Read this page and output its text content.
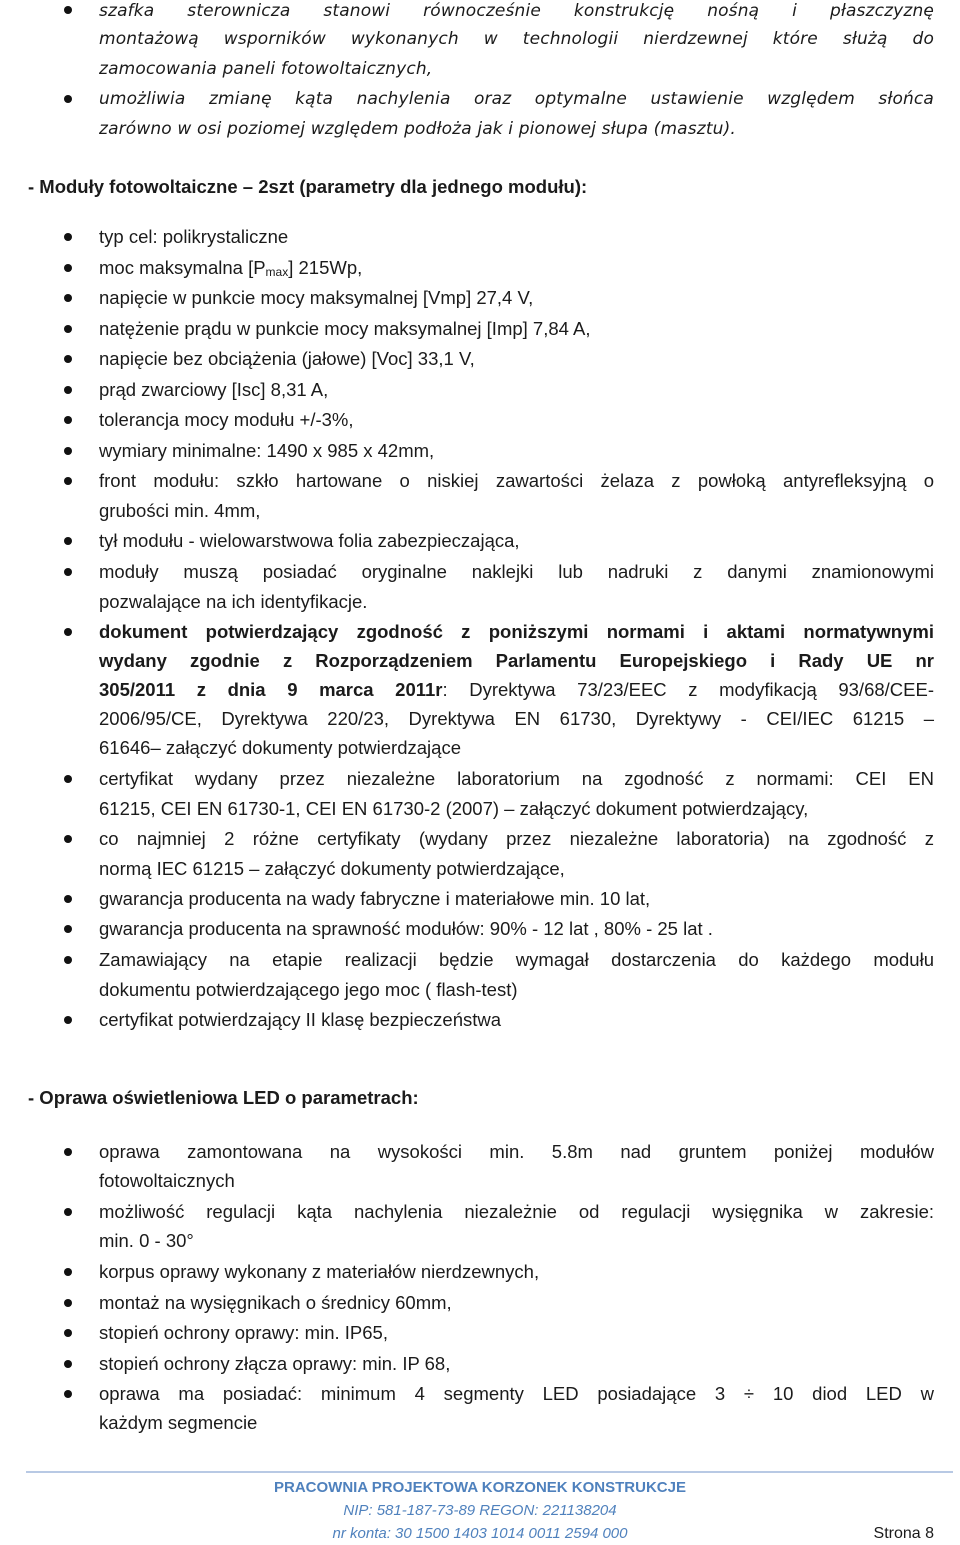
szafka sterownicza stanowi równocześnie konstrukcję nośną i płaszczyznę
montażową wsporników wykonanych w technologii nierdzewnej które służą do
zamocowania paneli fotowoltaicznych,
umożliwia zmianę kąta nachylenia oraz optymalne ustawienie względem słońca
zarówno w osi poziomej względem podłoża jak i pionowej słupa (masztu).
- Moduły fotowoltaiczne – 2szt (parametry dla jednego modułu):
typ cel: polikrystaliczne
moc maksymalna $[P_{max}]$ 215Wp,
napięcie w punkcie mocy maksymalnej [Vmp] 27,4 V,
natężenie prądu w punkcie mocy maksymalnej [Imp] 7,84 A,
napięcie bez obciążenia (jałowe) [Voc] 33,1 V,
prąd zwarciowy [Isc] 8,31 A,
tolerancja mocy modułu +/-3%,
wymiary minimalne: 1490 x 985 x 42mm,
front modułu: szkło hartowane o niskiej zawartości żelaza z powłoką antyrefleksyjną o
grubości min. 4mm,
tył modułu - wielowarstwowa folia zabezpieczająca,
moduły muszą posiadać oryginalne naklejki lub nadruki z danymi znamionowymi
pozwalające na ich identyfikacje.
dokument potwierdzający zgodność z poniższymi normami i aktami normatywnymi
wydany zgodnie z Rozporządzeniem Parlamentu Europejskiego i Rady UE nr
305/2011 z dnia 9 marca 2011r: Dyrektywa 73/23/EEC z modyfikacją 93/68/CEE-
2006/95/CE, Dyrektywa 220/23, Dyrektywa EN 61730, Dyrektywy - CEI/IEC 61215 –
61646– załączyć dokumenty potwierdzające
certyfikat wydany przez niezależne laboratorium na zgodność z normami: CEI EN
61215, CEI EN 61730-1, CEI EN 61730-2 (2007) – załączyć dokument potwierdzający,
co najmniej 2 różne certyfikaty (wydany przez niezależne laboratoria) na zgodność z
normą IEC 61215 – załączyć dokumenty potwierdzające,
gwarancja producenta na wady fabryczne i materiałowe min. 10 lat,
gwarancja producenta na sprawność modułów: 90% - 12 lat , 80% - 25 lat .
Zamawiający na etapie realizacji będzie wymagał dostarczenia do każdego modułu
dokumentu potwierdzającego jego moc ( flash-test)
certyfikat potwierdzający II klasę bezpieczeństwa
- Oprawa oświetleniowa LED o parametrach:
oprawa zamontowana na wysokości min. 5.8m nad gruntem poniżej modułów
fotowoltaicznych
możliwość regulacji kąta nachylenia niezależnie od regulacji wysięgnika w zakresie:
min. 0 - 30°
korpus oprawy wykonany z materiałów nierdzewnych,
montaż na wysięgnikach o średnicy 60mm,
stopień ochrony oprawy: min. IP65,
stopień ochrony złącza oprawy: min. IP 68,
oprawa ma posiadać: minimum 4 segmenty LED posiadające 3 ÷ 10 diod LED w
każdym segmencie
PRACOWNIA PROJEKTOWA KORZONEK KONSTRUKCJE
NIP: 581-187-73-89 REGON: 221138204
nr konta: 30 1500 1403 1014 0011 2594 000	Strona 8
